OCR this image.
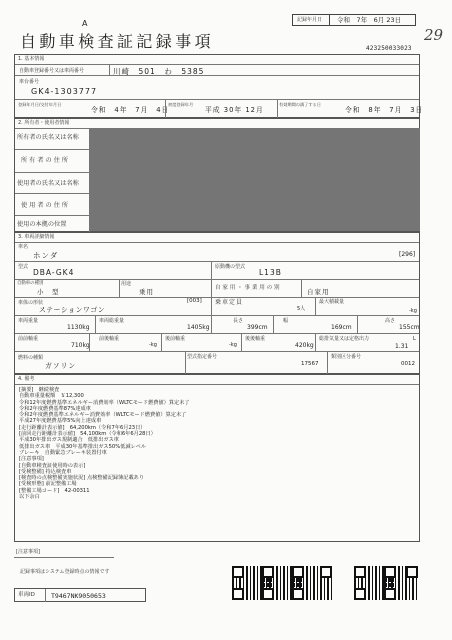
A
自動車検査証記録事項
記録年月日 令和　7年　6月 23日
29
4232500330​23
1. 基本情報
自動車登録番号又は車両番号	川崎　501　わ　5385
車台番号
GK4-1303777
登録年月日/交付年月日
令和　4年　7月　4日
初度登録年月
平成 30年 12月
有効期間の満了する日
令和　8年　7月　3日
2. 所有者・使用者情報
所有者の氏名又は名称
所有者の住所
使用者の氏名又は名称
使用者の住所
使用の本拠の位置
3. 車両詳細情報
車名
ホンダ	[296]
型式
DBA-GK4
原動機の型式
L13B
自動車の種別
小　型
用途
乗用	自 家 用 ・ 事 業 用 の 別	自家用
車体の形状
ステーションワゴン
[003] 乗車定員
5人
最大積載量
-kg
車両重量
1130kg
車両総重量
1405kg
長さ
399cm
幅
169cm
高さ
155cm
前前軸重
710kg
前後軸重
-kg
後前軸重
-kg
後後軸重
420kg
総排気量又は定格出力
1.31
L
燃料の種類
ガソリン
型式指定番号
17567
類別区分番号
0012
4. 備考
[摘要]　継続検査
自動車重量税額　￥12,300
令和12年度燃費基準エネルギー消費効率（WLTCモード燃費値）算定未了
令和2年度燃費基準87%達成車
令和2年度燃費基準エネルギー消費効率（WLTCモード燃費値）算定未了
平成27年度燃費基準5%向上達成車
[走行距離計表示値]　64,200km（令和7年6月23日）
[前回走行距離計表示値]　54,100km（令和6年6月28日）
平成30年排出ガス規制適合　低排出ガス車
低排出ガス車　平成30年基準排出ガス50%低減レベル
ブレーキ　自動緊急ブレーキ装置付車
[注意事項]
[自動車検査証使用時の表示]
[受検整備] 持込検査車
[検査時の点検整備実施状況] 点検整備記録簿記載あり
[受検形態] 前記整備工場
[整備工場コード]　42-00311
以下余白
[注意事項]
記録事項はシステム登録時点の情報です
車両ID T9467NK9050653
